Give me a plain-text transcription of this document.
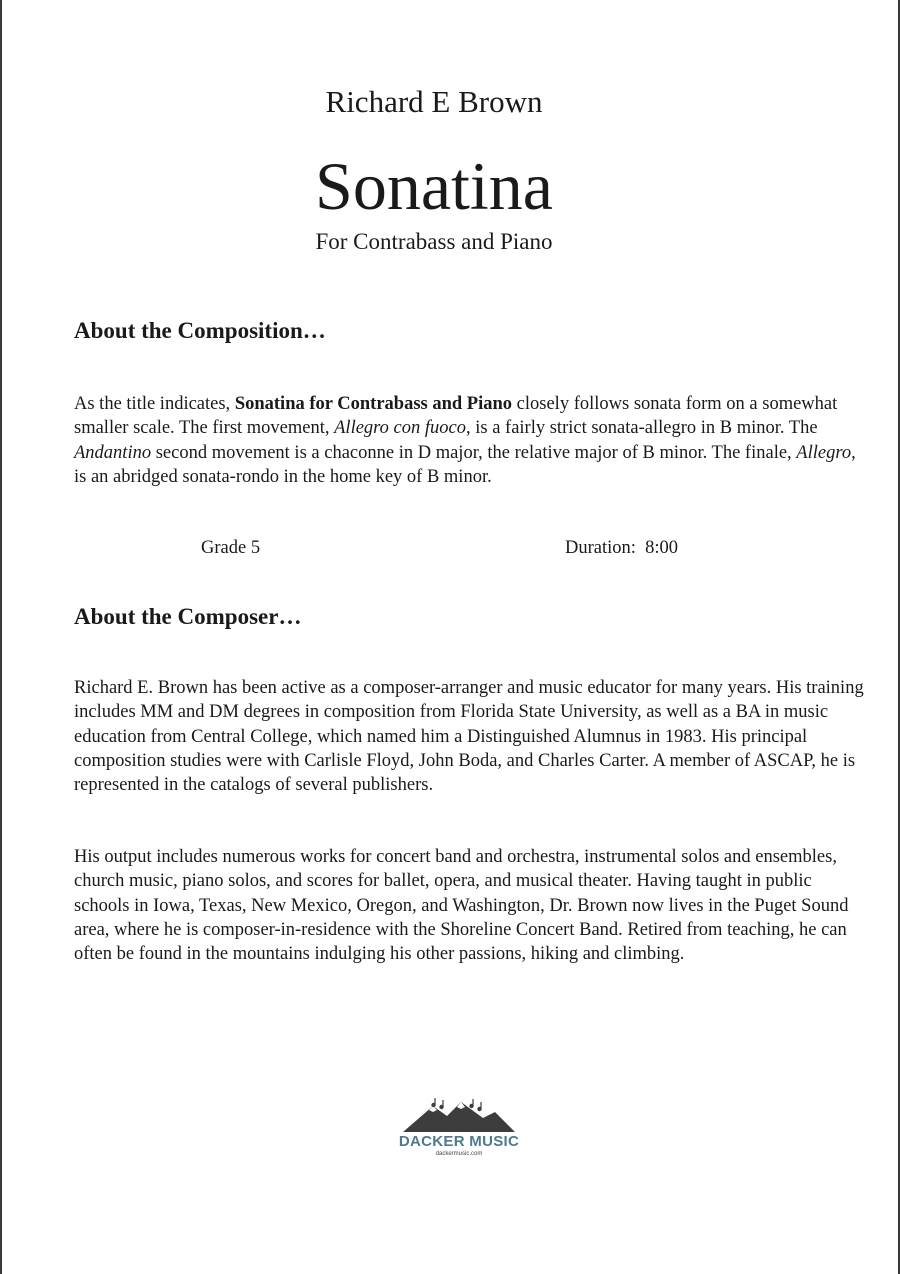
Richard E Brown
Sonatina
For Contrabass and Piano
About the Composition…
As the title indicates, Sonatina for Contrabass and Piano closely follows sonata form on a somewhat smaller scale. The first movement, Allegro con fuoco, is a fairly strict sonata-allegro in B minor. The Andantino second movement is a chaconne in D major, the relative major of B minor. The finale, Allegro, is an abridged sonata-rondo in the home key of B minor.
Grade 5	Duration:  8:00
About the Composer…
Richard E. Brown has been active as a composer-arranger and music educator for many years. His training includes MM and DM degrees in composition from Florida State University, as well as a BA in music education from Central College, which named him a Distinguished Alumnus in 1983. His principal composition studies were with Carlisle Floyd, John Boda, and Charles Carter. A member of ASCAP, he is represented in the catalogs of several publishers.
His output includes numerous works for concert band and orchestra, instrumental solos and ensembles, church music, piano solos, and scores for ballet, opera, and musical theater. Having taught in public schools in Iowa, Texas, New Mexico, Oregon, and Washington, Dr. Brown now lives in the Puget Sound area, where he is composer-in-residence with the Shoreline Concert Band. Retired from teaching, he can often be found in the mountains indulging his other passions, hiking and climbing.
DACKER MUSIC
dackermusic.com
